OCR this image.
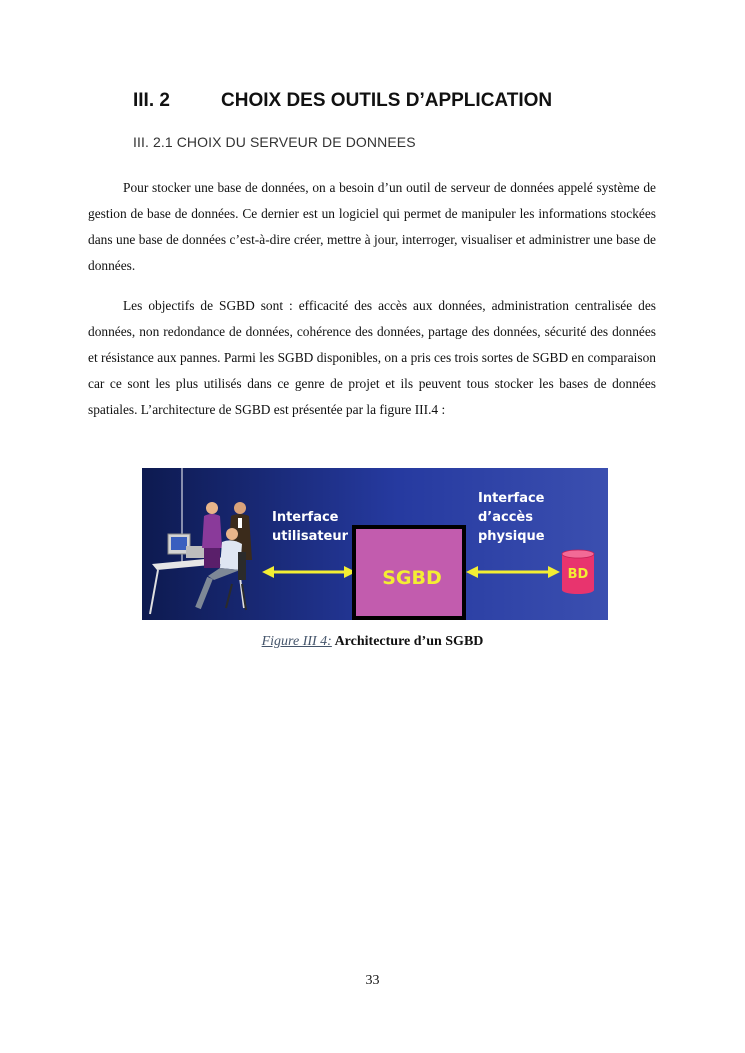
III. 2	CHOIX DES OUTILS D’APPLICATION
III. 2.1 CHOIX DU SERVEUR DE DONNEES

Pour stocker une base de données, on a besoin d’un outil de serveur de données appelé système de gestion de base de données. Ce dernier est un logiciel qui permet de manipuler les informations stockées dans une base de données c’est-à-dire créer, mettre à jour, interroger, visualiser et administrer une base de données.

Les objectifs de SGBD sont : efficacité des accès aux données, administration centralisée des données, non redondance de données, cohérence des données, partage des données, sécurité des données et résistance aux pannes. Parmi les SGBD disponibles, on a pris ces trois sortes de SGBD en comparaison car ce sont les plus utilisés dans ce genre de projet et ils peuvent tous stocker les bases de données spatiales. L’architecture de SGBD est présentée par la figure III.4 :

Interface
utilisateur
Interface
d’accès
physique
SGBD	BD
Figure III 4: Architecture d’un SGBD
33
